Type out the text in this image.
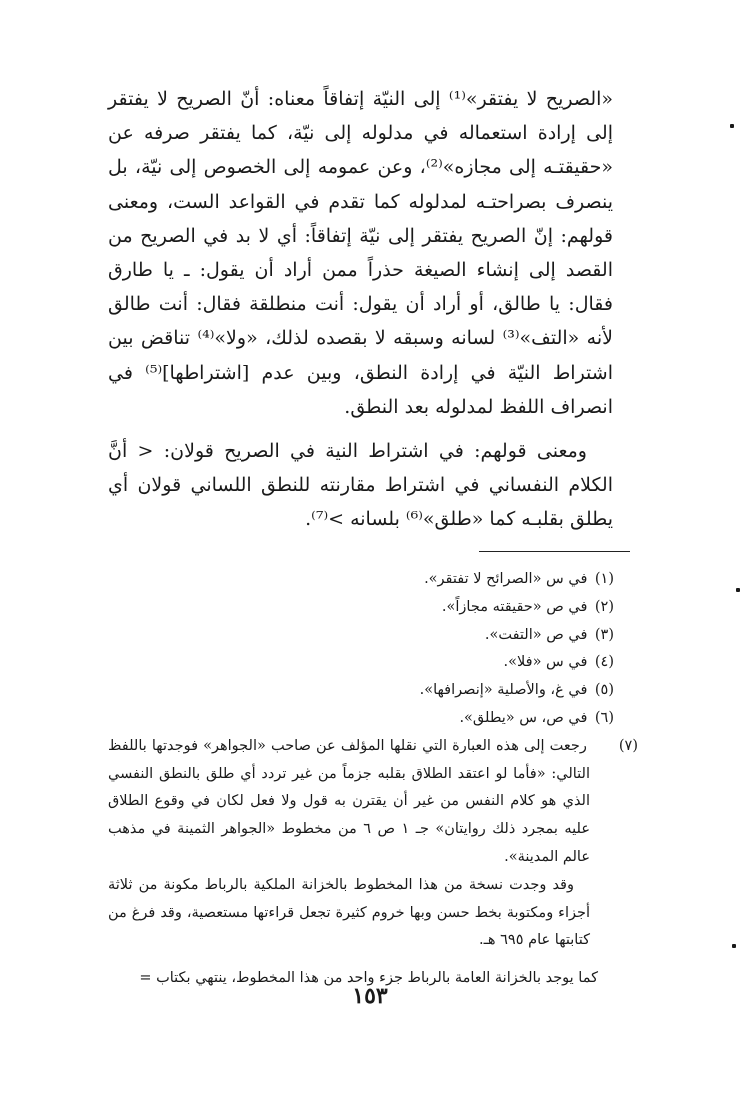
«الصريح لا يفتقر»⁽¹⁾ إلى النيّة إتفاقاً معناه: أنّ الصريح لا يفتقر إلى إرادة استعماله في مدلوله إلى نيّة، كما يفتقر صرفه عن «حقيقتـه إلى مجازه»⁽²⁾، وعن عمومه إلى الخصوص إلى نيّة، بل ينصرف بصراحتـه لمدلوله كما تقدم في القواعد الست، ومعنى قولهم: إنّ الصريح يفتقر إلى نيّة إتفاقاً: أي لا بد في الصريح من القصد إلى إنشاء الصيغة حذراً ممن أراد أن يقول: ـ يا طارق فقال: يا طالق، أو أراد أن يقول: أنت منطلقة فقال: أنت طالق لأنه «التف»⁽³⁾ لسانه وسبقه لا بقصده لذلك، «ولا»⁽⁴⁾ تناقض بين اشتراط النيّة في إرادة النطق، وبين عدم [اشتراطها]⁽⁵⁾ في انصراف اللفظ لمدلوله بعد النطق.

ومعنى قولهم: في اشتراط النية في الصريح قولان: < أنَّ الكلام النفساني في اشتراط مقارنته للنطق اللساني قولان أي يطلق بقلبـه كما «طلق»⁽⁶⁾ بلسانه >⁽⁷⁾.

(١) في س «الصرائح لا تفتقر».

(٢) في ص «حقيقته مجازاً».

(٣) في ص «التفت».

(٤) في س «فلا».

(٥) في غ، والأصلية «إنصرافها».

(٦) في ص، س «يطلق».

(٧) رجعت إلى هذه العبارة التي نقلها المؤلف عن صاحب «الجواهر» فوجدتها باللفظ التالي: «فأما لو اعتقد الطلاق بقلبه جزماً من غير تردد أي طلق بالنطق النفسي الذي هو كلام النفس من غير أن يقترن به قول ولا فعل لكان في وقوع الطلاق عليه بمجرد ذلك روايتان» جـ ١ ص ٦ من مخطوط «الجواهر الثمينة في مذهب عالم المدينة».

وقد وجدت نسخة من هذا المخطوط بالخزانة الملكية بالرباط مكونة من ثلاثة أجزاء ومكتوبة بخط حسن وبها خروم كثيرة تجعل قراءتها مستعصية، وقد فرغ من كتابتها عام ٦٩٥ هـ.

كما يوجد بالخزانة العامة بالرباط جزء واحد من هذا المخطوط، ينتهي بكتاب =

١٥٣
